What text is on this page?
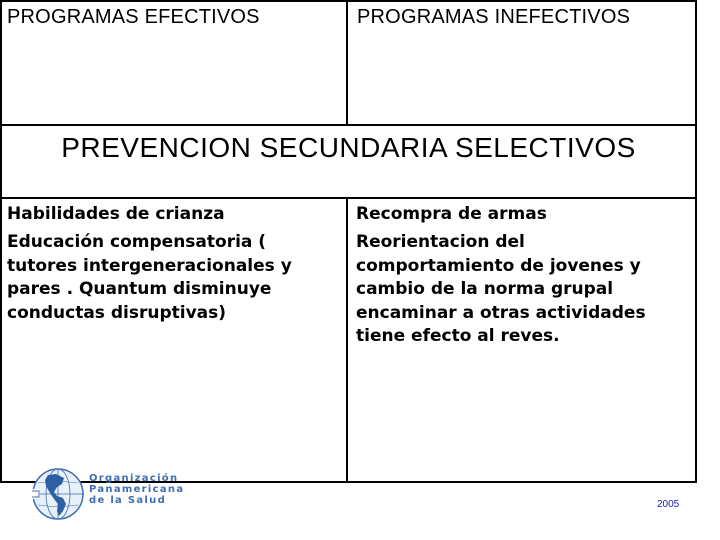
PROGRAMAS EFECTIVOS	PROGRAMAS INEFECTIVOS
PREVENCION SECUNDARIA SELECTIVOS

Habilidades de crianza

Educación compensatoria (

tutores intergeneracionales y

pares . Quantum disminuye

conductas disruptivas)

Recompra de armas

Reorientacion del

comportamiento de jovenes y

cambio de la norma grupal

encaminar a otras actividades

tiene efecto al reves.

Organización
Panamericana
de la Salud	2005
